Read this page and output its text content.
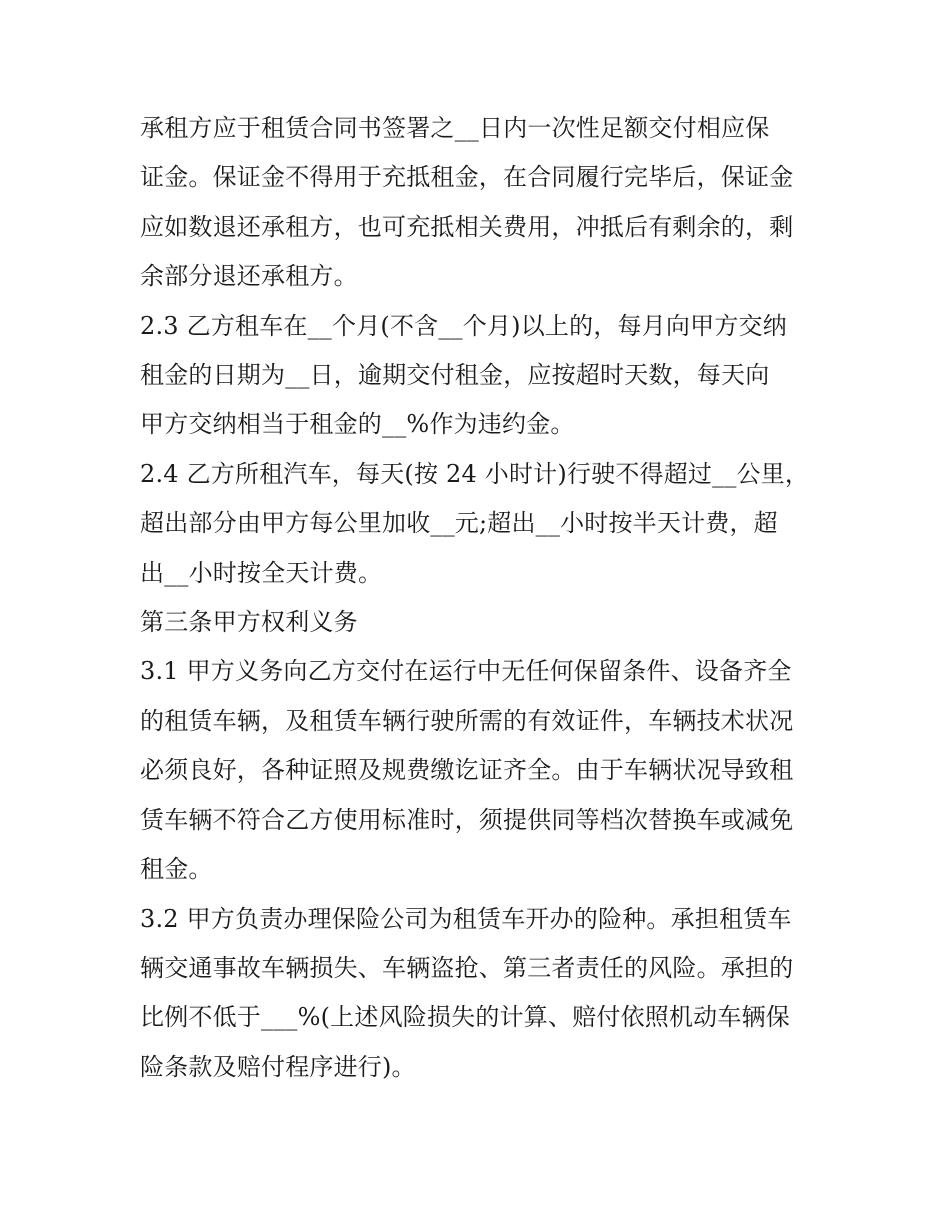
承租方应于租赁合同书签署之__日内一次性足额交付相应保
证金。保证金不得用于充抵租金，在合同履行完毕后，保证金
应如数退还承租方，也可充抵相关费用，冲抵后有剩余的，剩
余部分退还承租方。
2.3 乙方租车在__个月(不含__个月)以上的，每月向甲方交纳
租金的日期为__日，逾期交付租金，应按超时天数，每天向
甲方交纳相当于租金的__%作为违约金。
2.4 乙方所租汽车，每天(按 24 小时计)行驶不得超过__公里，
超出部分由甲方每公里加收__元;超出__小时按半天计费，超
出__小时按全天计费。
第三条甲方权利义务
3.1 甲方义务向乙方交付在运行中无任何保留条件、设备齐全
的租赁车辆，及租赁车辆行驶所需的有效证件，车辆技术状况
必须良好，各种证照及规费缴讫证齐全。由于车辆状况导致租
赁车辆不符合乙方使用标准时，须提供同等档次替换车或减免
租金。
3.2 甲方负责办理保险公司为租赁车开办的险种。承担租赁车
辆交通事故车辆损失、车辆盗抢、第三者责任的风险。承担的
比例不低于___%(上述风险损失的计算、赔付依照机动车辆保
险条款及赔付程序进行)。
